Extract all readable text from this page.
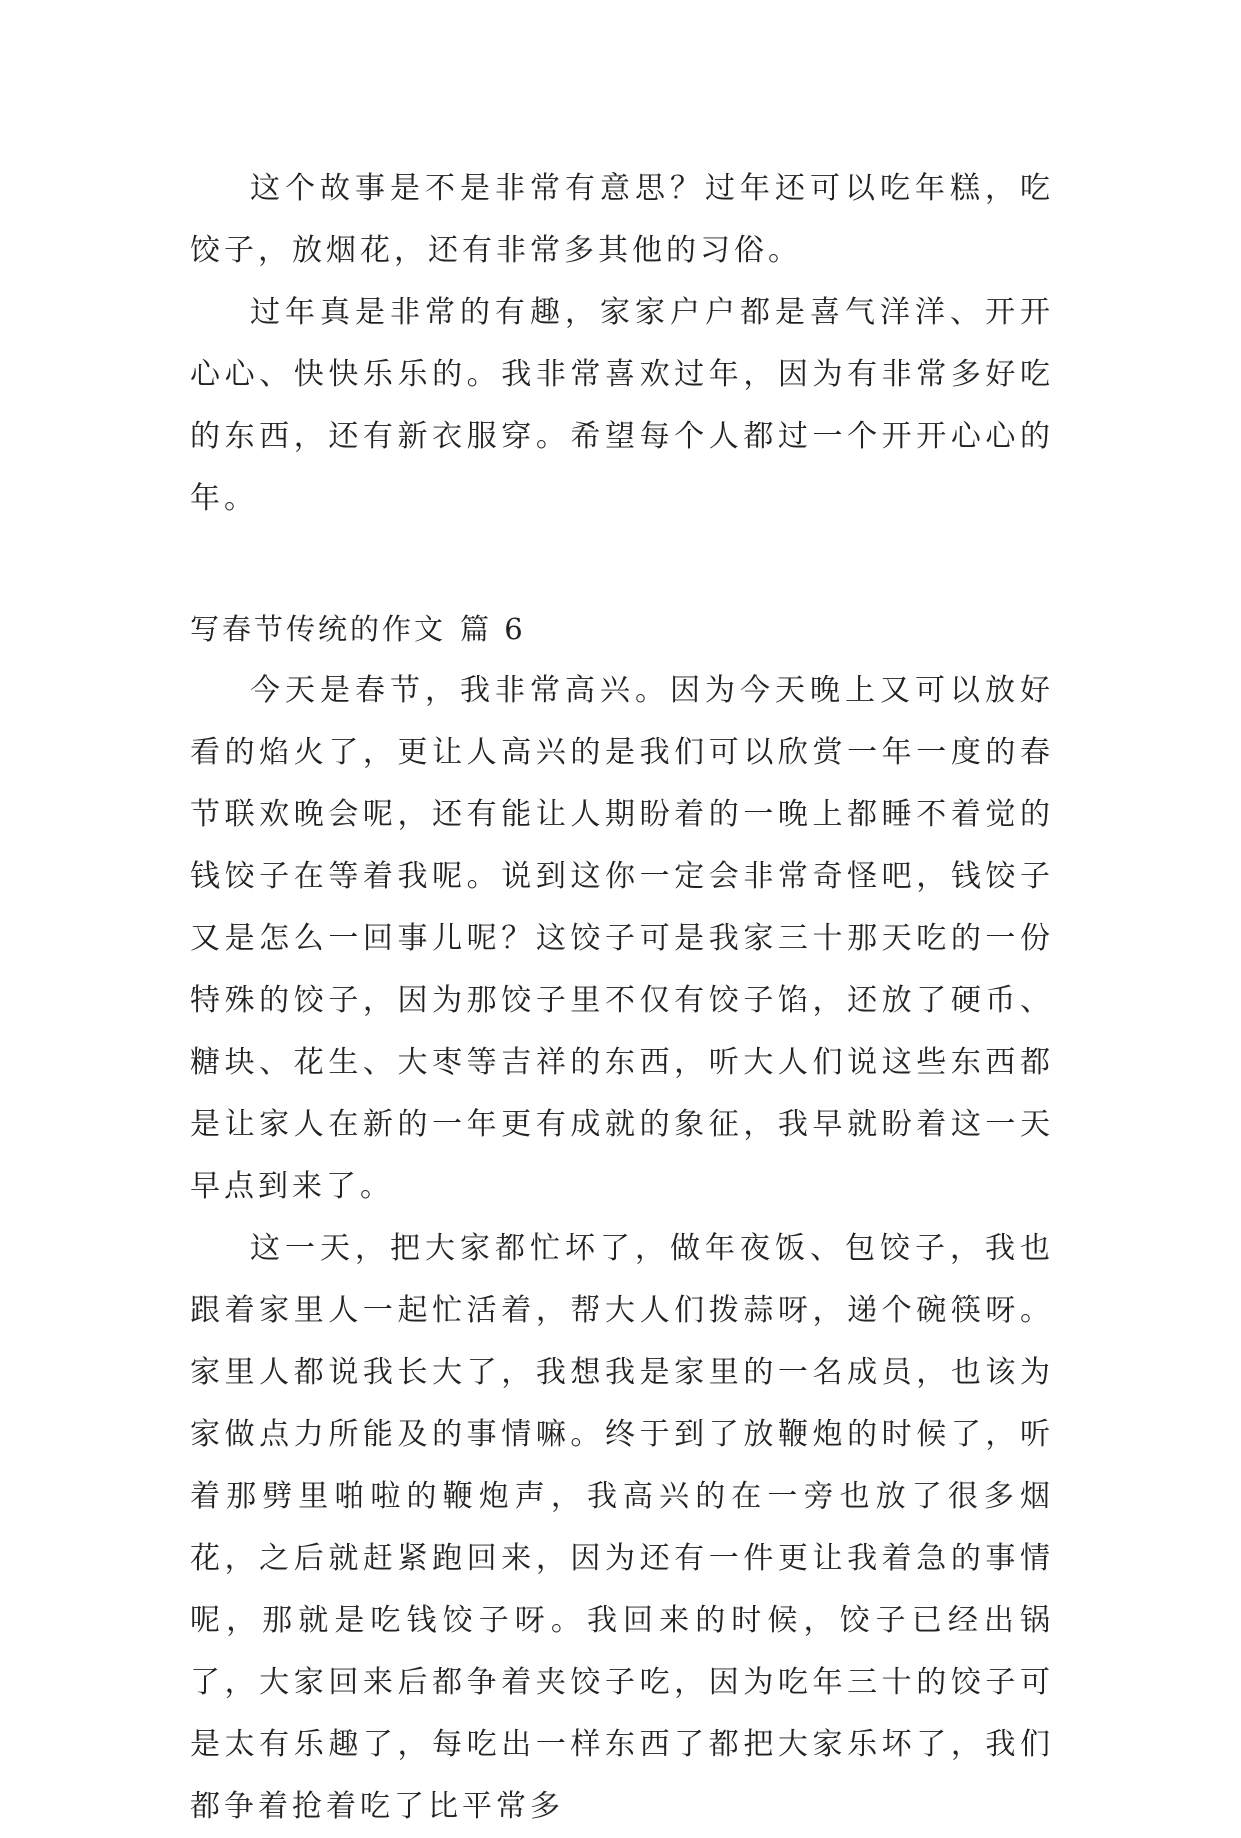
这个故事是不是非常有意思？过年还可以吃年糕，吃饺子，放烟花，还有非常多其他的习俗。

过年真是非常的有趣，家家户户都是喜气洋洋、开开心心、快快乐乐的。我非常喜欢过年，因为有非常多好吃的东西，还有新衣服穿。希望每个人都过一个开开心心的年。

写春节传统的作文 篇 6

今天是春节，我非常高兴。因为今天晚上又可以放好看的焰火了，更让人高兴的是我们可以欣赏一年一度的春节联欢晚会呢，还有能让人期盼着的一晚上都睡不着觉的钱饺子在等着我呢。说到这你一定会非常奇怪吧，钱饺子又是怎么一回事儿呢？这饺子可是我家三十那天吃的一份特殊的饺子，因为那饺子里不仅有饺子馅，还放了硬币、糖块、花生、大枣等吉祥的东西，听大人们说这些东西都是让家人在新的一年更有成就的象征，我早就盼着这一天早点到来了。

这一天，把大家都忙坏了，做年夜饭、包饺子，我也跟着家里人一起忙活着，帮大人们拨蒜呀，递个碗筷呀。家里人都说我长大了，我想我是家里的一名成员，也该为家做点力所能及的事情嘛。终于到了放鞭炮的时候了，听着那劈里啪啦的鞭炮声，我高兴的在一旁也放了很多烟花，之后就赶紧跑回来，因为还有一件更让我着急的事情呢，那就是吃钱饺子呀。我回来的时候，饺子已经出锅了，大家回来后都争着夹饺子吃，因为吃年三十的饺子可是太有乐趣了，每吃出一样东西了都把大家乐坏了，我们都争着抢着吃了比平常多
